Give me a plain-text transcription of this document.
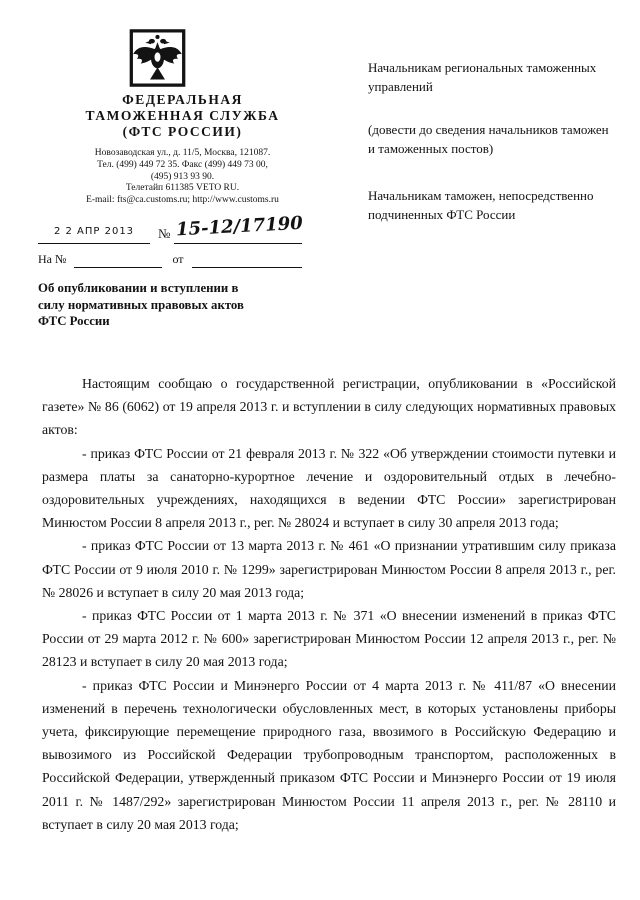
ФЕДЕРАЛЬНАЯ
ТАМОЖЕННАЯ СЛУЖБА
(ФТС РОССИИ)
Новозаводская ул., д. 11/5, Москва, 121087.
Тел. (499) 449 72 35. Факс (499) 449 73 00,
(495) 913 93 90.
Телетайп 611385 VETO RU.
E-mail: fts@ca.customs.ru; http://www.customs.ru
2 2 АПР 2013 № 15-12/17190
На №	от
Об опубликовании и вступлении в
силу нормативных правовых актов
ФТС России
Начальникам региональных таможенных управлений
(довести до сведения начальников таможен и таможенных постов)
Начальникам таможен, непосредственно подчиненных ФТС России

Настоящим сообщаю о государственной регистрации, опубликовании в «Российской газете» № 86 (6062) от 19 апреля 2013 г. и вступлении в силу следующих нормативных правовых актов:

- приказ ФТС России от 21 февраля 2013 г. № 322 «Об утверждении стоимости путевки и размера платы за санаторно-курортное лечение и оздоровительный отдых в лечебно-оздоровительных учреждениях, находящихся в ведении ФТС России» зарегистрирован Минюстом России 8 апреля 2013 г., рег. № 28024 и вступает в силу 30 апреля 2013 года;

- приказ ФТС России от 13 марта 2013 г. № 461 «О признании утратившим силу приказа ФТС России от 9 июля 2010 г. № 1299» зарегистрирован Минюстом России 8 апреля 2013 г., рег. № 28026 и вступает в силу 20 мая 2013 года;

- приказ ФТС России от 1 марта 2013 г. № 371 «О внесении изменений в приказ ФТС России от 29 марта 2012 г. № 600» зарегистрирован Минюстом России 12 апреля 2013 г., рег. № 28123 и вступает в силу 20 мая 2013 года;

- приказ ФТС России и Минэнерго России от 4 марта 2013 г. № 411/87 «О внесении изменений в перечень технологически обусловленных мест, в которых установлены приборы учета, фиксирующие перемещение природного газа, ввозимого в Российскую Федерацию и вывозимого из Российской Федерации трубопроводным транспортом, расположенных в Российской Федерации, утвержденный приказом ФТС России и Минэнерго России от 19 июля 2011 г. № 1487/292» зарегистрирован Минюстом России 11 апреля 2013 г., рег. № 28110 и вступает в силу 20 мая 2013 года;
